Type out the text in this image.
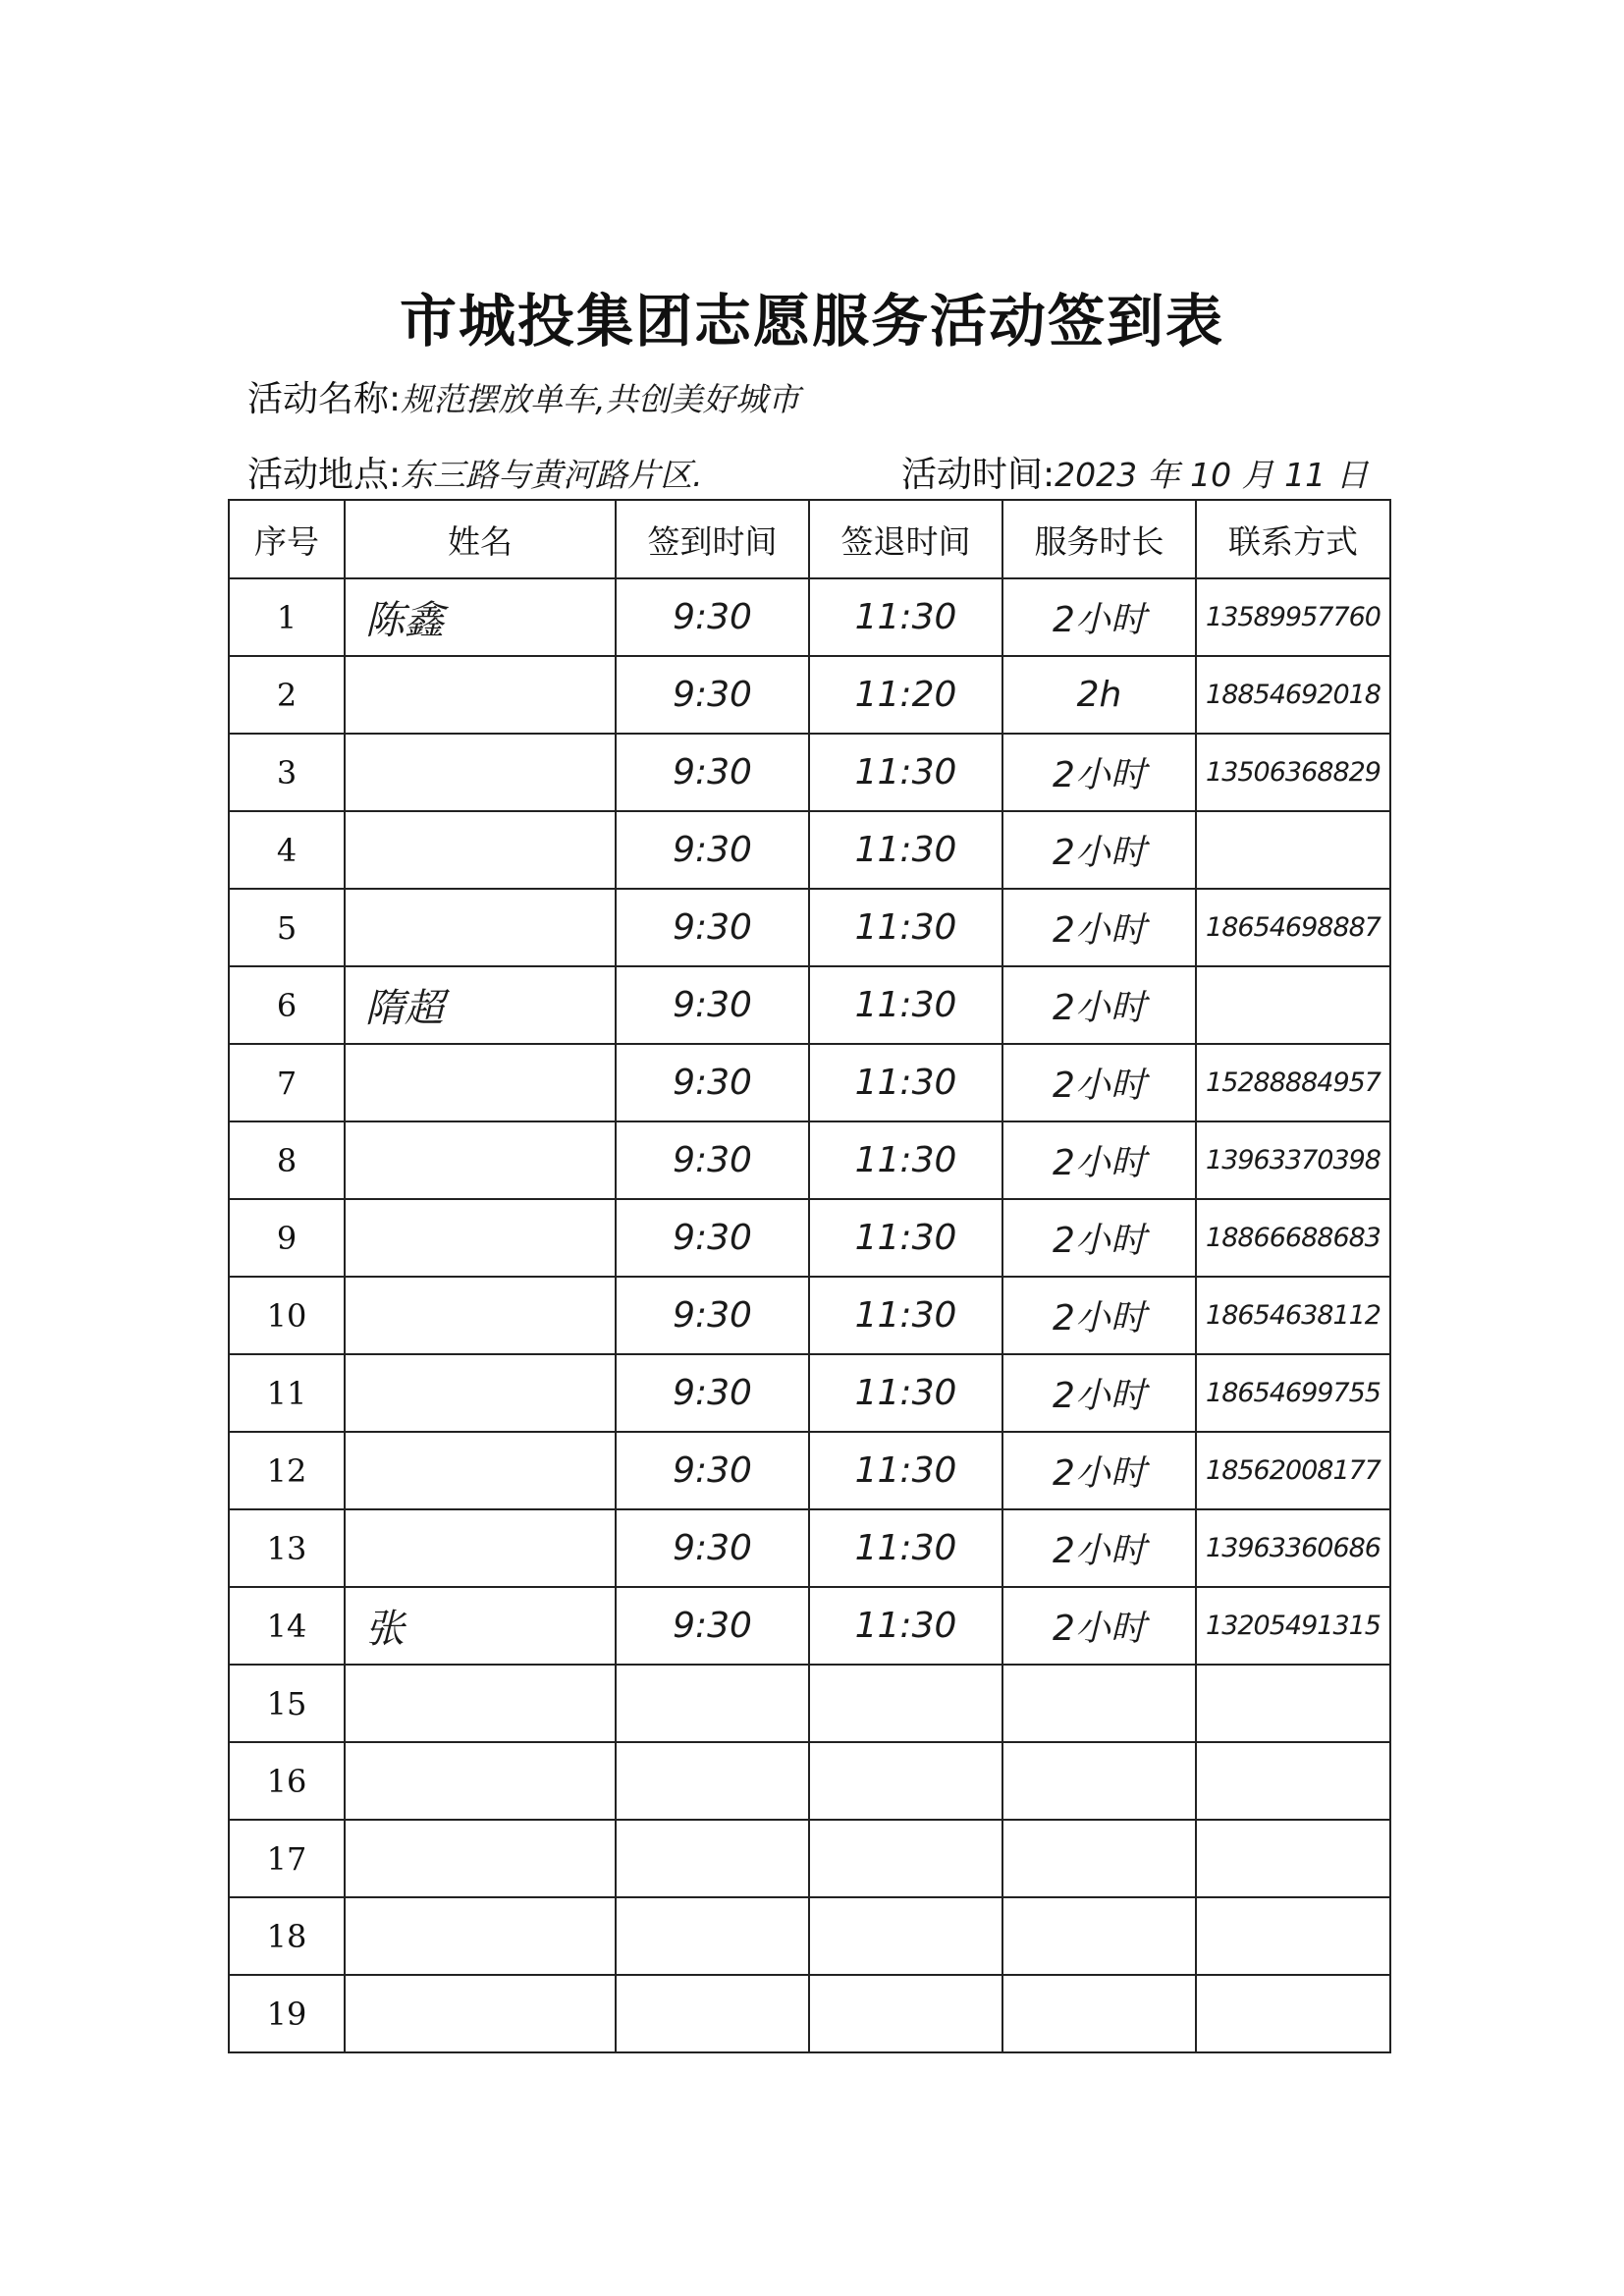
市城投集团志愿服务活动签到表
活动名称:规范摆放单车,共创美好城市
活动地点:东三路与黄河路片区.	活动时间:2023 年 10 月 11 日
序号	姓名	签到时间	签退时间	服务时长	联系方式
1	陈鑫	9:30	11:30	2小时	13589957760
2		9:30	11:20	2h	18854692018
3		9:30	11:30	2小时	13506368829
4		9:30	11:30	2小时	
5		9:30	11:30	2小时	18654698887
6	隋超	9:30	11:30	2小时	
7		9:30	11:30	2小时	15288884957
8		9:30	11:30	2小时	13963370398
9		9:30	11:30	2小时	18866688683
10		9:30	11:30	2小时	18654638112
11		9:30	11:30	2小时	18654699755
12		9:30	11:30	2小时	18562008177
13		9:30	11:30	2小时	13963360686
14	张	9:30	11:30	2小时	13205491315
15					
16					
17					
18					
19					
